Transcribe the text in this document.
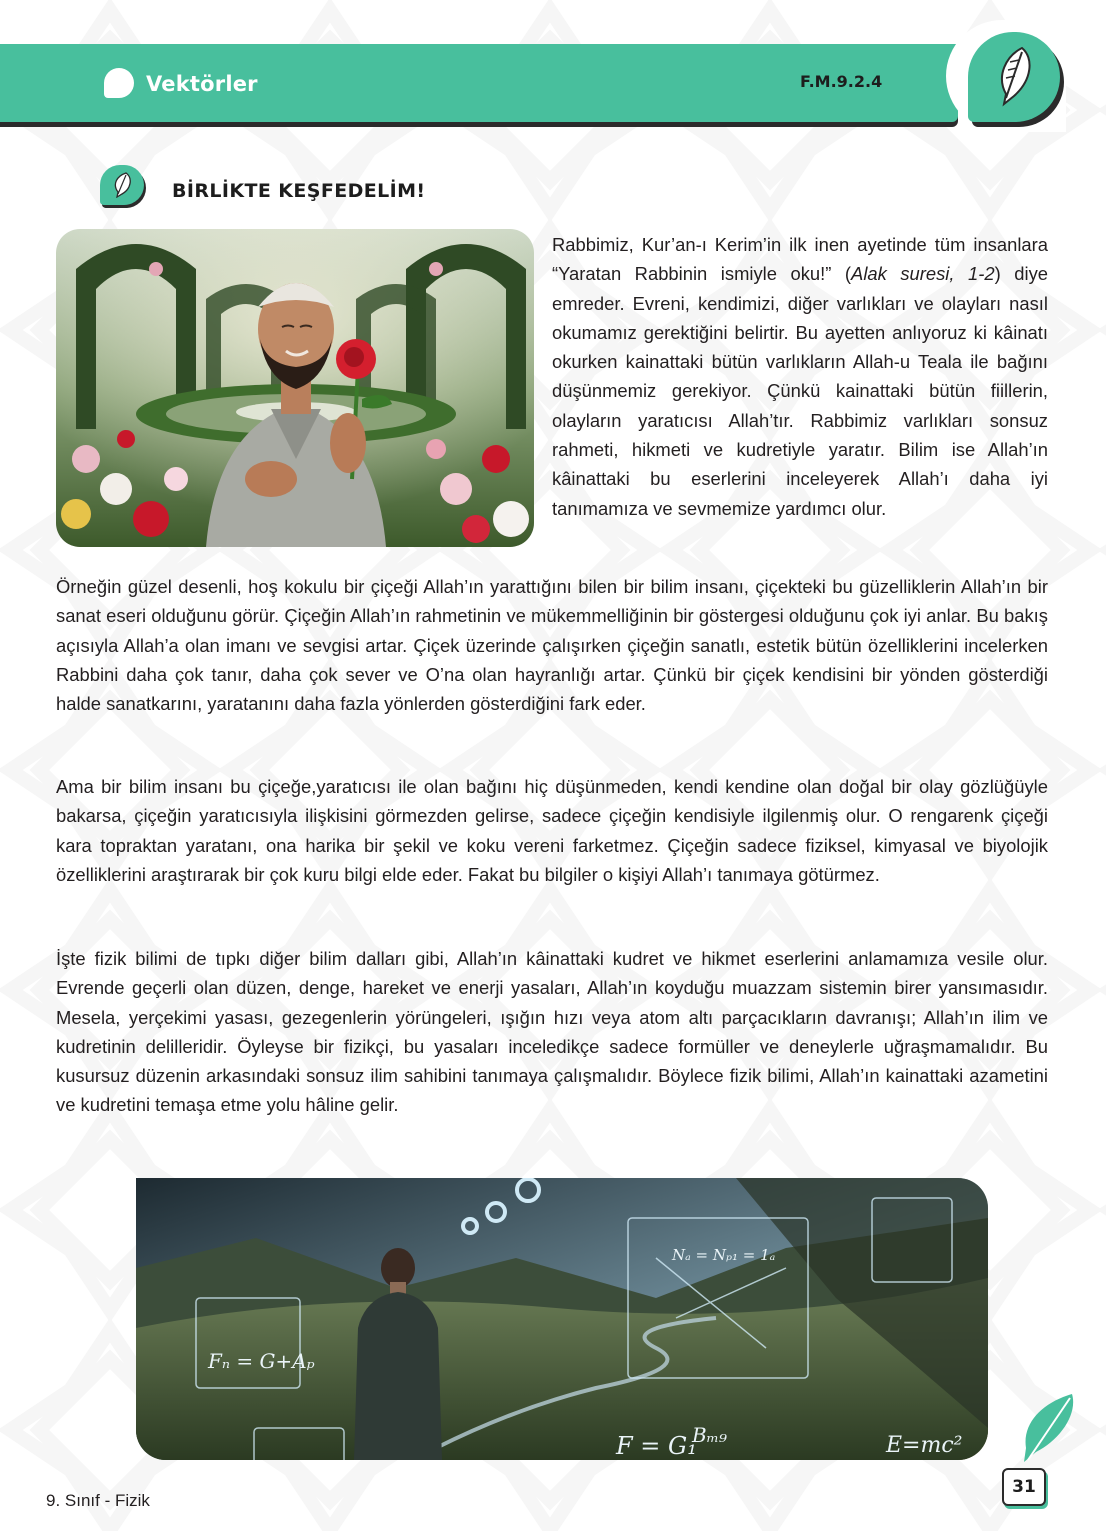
Vektörler	F.M.9.2.4
BİRLİKTE KEŞFEDELİM!
Rabbimiz, Kur’an-ı Kerim’in ilk inen ayetinde tüm insanlara “Yaratan Rabbinin ismiyle oku!” (Alak suresi, 1-2) diye emreder. Evreni, kendimizi, diğer varlıkları ve olayları nasıl okumamız gerektiğini belirtir. Bu ayetten anlıyoruz ki kâinatı okurken kainattaki bütün varlıkların Allah-u Teala ile bağını düşünmemiz gerekiyor. Çünkü kainattaki bütün fiillerin, olayların yaratıcısı Allah’tır. Rabbimiz varlıkları sonsuz rahmeti, hikmeti ve kudretiyle yaratır. Bilim ise Allah’ın kâinattaki bu eserlerini inceleyerek Allah’ı daha iyi tanımamıza ve sevmemize yardımcı olur.
Örneğin güzel desenli, hoş kokulu bir çiçeği Allah’ın yarattığını bilen bir bilim insanı, çiçekteki bu güzelliklerin Allah’ın bir sanat eseri olduğunu görür. Çiçeğin Allah’ın rahmetinin ve mükemmelliğinin bir göstergesi olduğunu çok iyi anlar. Bu bakış açısıyla Allah’a olan imanı ve sevgisi artar. Çiçek üzerinde çalışırken çiçeğin sanatlı, estetik bütün özelliklerini incelerken Rabbini daha çok tanır, daha çok sever ve O’na olan hayranlığı artar. Çünkü bir çiçek kendisini bir yönden gösterdiği halde sanatkarını, yaratanını daha fazla yönlerden gösterdiğini fark eder.
Ama bir bilim insanı bu çiçeğe,yaratıcısı ile olan bağını hiç düşünmeden, kendi kendine olan doğal bir olay gözlüğüyle bakarsa, çiçeğin yaratıcısıyla ilişkisini görmezden gelirse, sadece çiçeğin kendisiyle ilgilenmiş olur. O rengarenk çiçeği kara topraktan yaratanı, ona harika bir şekil ve koku vereni farketmez. Çiçeğin sadece fiziksel, kimyasal ve biyolojik özelliklerini araştırarak bir çok kuru bilgi elde eder. Fakat bu bilgiler o kişiyi Allah’ı tanımaya götürmez.
İşte fizik bilimi de tıpkı diğer bilim dalları gibi, Allah’ın kâinattaki kudret ve hikmet eserlerini anlamamıza vesile olur. Evrende geçerli olan düzen, denge, hareket ve enerji yasaları, Allah’ın koyduğu muazzam sistemin birer yansımasıdır. Mesela, yerçekimi yasası, gezegenlerin yörüngeleri, ışığın hızı veya atom altı parçacıkların davranışı; Allah’ın ilim ve kudretinin delilleridir. Öyleyse bir fizikçi, bu yasaları inceledikçe sadece formüller ve deneylerle uğraşmamalıdır. Bu kusursuz düzenin arkasındaki sonsuz ilim sahibini tanımaya çalışmalıdır. Böylece fizik bilimi, Allah’ın kainattaki azametini ve kudretini temaşa etme yolu hâline gelir.
Fₙ = G+Aₚ
Nₐ = Nₚ₁ = 1ₐ
F = G₁
Bₘ₉	E=mc²
9. Sınıf - Fizik
31
